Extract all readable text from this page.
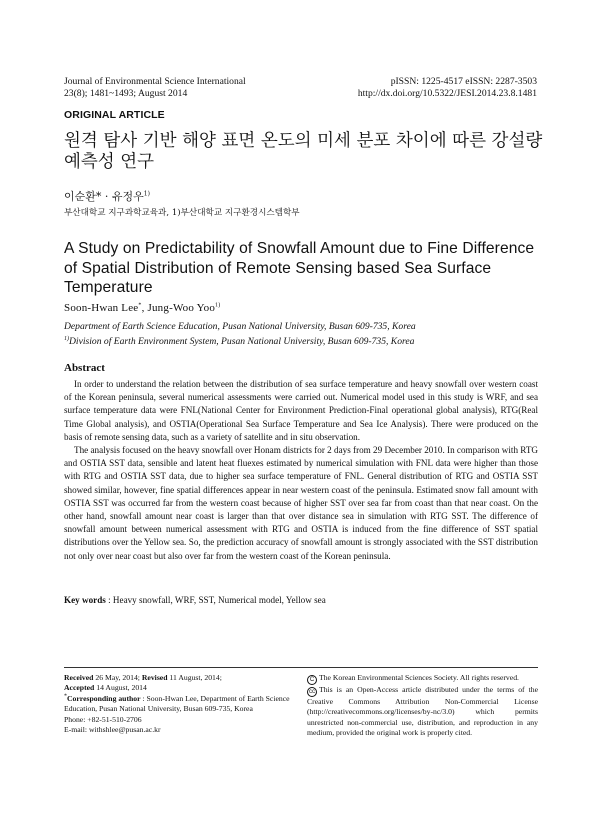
Journal of Environmental Science International
23(8); 1481~1493; August 2014
pISSN: 1225-4517 eISSN: 2287-3503
http://dx.doi.org/10.5322/JESI.2014.23.8.1481
ORIGINAL ARTICLE
원격 탐사 기반 해양 표면 온도의 미세 분포 차이에 따른 강설량 예측성 연구
이순환* · 유정우$^{1)}$
부산대학교 지구과학교육과, 1)부산대학교 지구환경시스템학부
A Study on Predictability of Snowfall Amount due to Fine Difference of Spatial Distribution of Remote Sensing based Sea Surface Temperature
Soon-Hwan Lee*, Jung-Woo Yoo$^{1)}$
Department of Earth Science Education, Pusan National University, Busan 609-735, Korea
$^{1)}$Division of Earth Environment System, Pusan National University, Busan 609-735, Korea
Abstract

In order to understand the relation between the distribution of sea surface temperature and heavy snowfall over western coast of the Korean peninsula, several numerical assessments were carried out. Numerical model used in this study is WRF, and sea surface temperature data were FNL(National Center for Environment Prediction-Final operational global analysis), RTG(Real Time Global analysis), and OSTIA(Operational Sea Surface Temperature and Sea Ice Analysis). There were produced on the basis of remote sensing data, such as a variety of satellite and in situ observation.

The analysis focused on the heavy snowfall over Honam districts for 2 days from 29 December 2010. In comparison with RTG and OSTIA SST data, sensible and latent heat fluexes estimated by numerical simulation with FNL data were higher than those with RTG and OSTIA SST data, due to higher sea surface temperature of FNL. General distribution of RTG and OSTIA SST showed similar, however, fine spatial differences appear in near western coast of the peninsula. Estimated snow fall amount with OSTIA SST was occurred far from the western coast because of higher SST over sea far from coast than that near coast. On the other hand, snowfall amount near coast is larger than that over distance sea in simulation with RTG SST. The difference of snowfall amount between numerical assessment with RTG and OSTIA is induced from the fine difference of SST spatial distributions over the Yellow sea. So, the prediction accuracy of snowfall amount is strongly associated with the SST distribution not only over near coast but also over far from the western coast of the Korean peninsula.

Key words : Heavy snowfall, WRF, SST, Numerical model, Yellow sea
Received 26 May, 2014; Revised 11 August, 2014;
Accepted 14 August, 2014
*Corresponding author : Soon-Hwan Lee, Department of Earth Science Education, Pusan National University, Busan 609-735, Korea
Phone: +82-51-510-2706
E-mail: withshlee@pusan.ac.kr
C The Korean Environmental Sciences Society. All rights reserved.
cc This is an Open-Access article distributed under the terms of the Creative Commons Attribution Non-Commercial License (http://creativecommons.org/licenses/by-nc/3.0) which permits unrestricted non-commercial use, distribution, and reproduction in any medium, provided the original work is properly cited.
